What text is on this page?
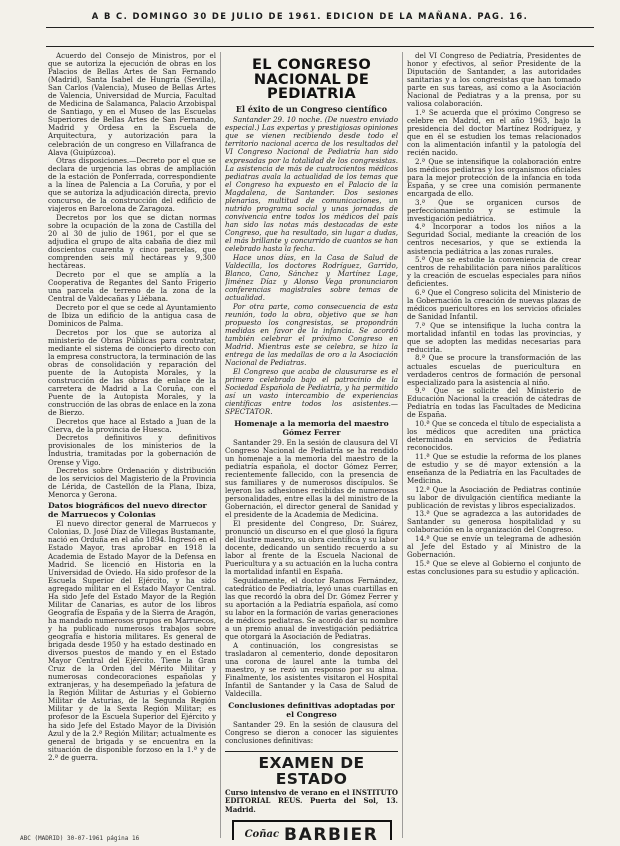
A B C. DOMINGO 30 DE JULIO DE 1961. EDICION DE LA MAÑANA. PAG. 16.

Acuerdo del Consejo de Ministros, por el que se autoriza la ejecución de obras en los Palacios de Bellas Artes de San Fernando (Madrid), Santa Isabel de Hungría (Sevilla), San Carlos (Valencia), Museo de Bellas Artes de Valencia, Universidad de Murcia, Facultad de Medicina de Salamanca, Palacio Arzobispal de Santiago, y en el Museo de las Escuelas Superiores de Bellas Artes de San Fernando, Madrid y Ordesa en la Escuela de Arquitectura, y autorización para la celebración de un congreso en Villafranca de Alava (Guipúzcoa).

Otras disposiciones.—Decreto por el que se declara de urgencia las obras de ampliación de la estación de Ponferrada, correspondiente a la línea de Palencia a La Coruña, y por el que se autoriza la adjudicación directa, previo concurso, de la construcción del edificio de viajeros en Barcelona de Zaragoza.

Decretos por los que se dictan normas sobre la ocupación de la zona de Castilla del 20 al 30 de julio de 1961, por el que se adjudica el grupo de alta cabaña de diez mil doscientos cuarenta y cinco parcelas, que comprenden seis mil hectáreas y 9,300 hectáreas.

Decreto por el que se amplía a la Cooperativa de Regantes del Santo Frigerio una parcela de terreno de la zona de la Central de Valdecañas y Liébana.

Decreto por el que se cede al Ayuntamiento de Ibiza un edificio de la antigua casa de Dominicos de Palma.

Decretos por los que se autoriza al ministerio de Obras Públicas para contratar, mediante el sistema de concierto directo con la empresa constructora, la terminación de las obras de consolidación y reparación del puente de la Autopista Morales, y la construcción de las obras de enlace de la carretera de Madrid a La Coruña, con el Puente de la Autopista Morales, y la construcción de las obras de enlace en la zona de Bierzo.

Decretos que hace al Estado a Juan de la Cierva, de la provincia de Huesca.

Decretos definitivos y definitivos provisionales de los ministerios de la Industria, tramitadas por la gobernación de Orense y Vigo.

Decretos sobre Ordenación y distribución de los servicios del Magisterio de la Provincia de Lérida, de Castellón de la Plana, Ibiza, Menorca y Gerona.

Datos biográficos del nuevo director de Marruecos y Colonias

El nuevo director general de Marruecos y Colonias, D. José Díaz de Villegas Bustamante, nació en Orduña en el año 1894. Ingresó en el Estado Mayor, tras aprobar en 1918 la Academia de Estado Mayor de la Defensa en Madrid. Se licenció en Historia en la Universidad de Oviedo. Ha sido profesor de la Escuela Superior del Ejército, y ha sido agregado militar en el Estado Mayor Central. Ha sido Jefe del Estado Mayor de la Región Militar de Canarias, es autor de los libros Geografía de España y de la Sierra de Aragón, ha mandado numerosos grupos en Marruecos, y ha publicado numerosos trabajos sobre geografía e historia militares. Es general de brigada desde 1950 y ha estado destinado en diversos puestos de mando y en el Estado Mayor Central del Ejército. Tiene la Gran Cruz de la Orden del Mérito Militar y numerosas condecoraciones españolas y extranjeras, y ha desempeñado la jefatura de la Región Militar de Asturias y el Gobierno Militar de Asturias, de la Segunda Región Militar y de la Sexta Región Militar; es profesor de la Escuela Superior del Ejército y ha sido Jefe del Estado Mayor de la División Azul y de la 2.ª Región Militar; actualmente es general de brigada y se encuentra en la situación de disponible forzoso en la 1.ª y de 2.ª de guerra.

EL CONGRESO NACIONAL DE PEDIATRIA
El éxito de un Congreso científico

Santander 29. 10 noche. (De nuestro enviado especial.) Las expertas y prestigiosas opiniones que se vienen recibiendo desde todo el territorio nacional acerca de los resultados del VI Congreso Nacional de Pediatría han sido expresadas por la totalidad de los congresistas. La asistencia de más de cuatrocientos médicos pediatras avala la actualidad de los temas que el Congreso ha expuesto en el Palacio de la Magdalena, de Santander. Dos sesiones plenarias, multitud de comunicaciones, un nutrido programa social y unas jornadas de convivencia entre todos los médicos del país han sido las notas más destacadas de este Congreso, que ha resultado, sin lugar a dudas, el más brillante y concurrido de cuantos se han celebrado hasta la fecha.

Hace unos días, en la Casa de Salud de Valdecilla, los doctores Rodríguez, Garrido, Blanco, Cano, Sánchez y Martínez Lage, Jiménez Díaz y Alonso Vega pronunciaron conferencias magistrales sobre temas de actualidad.

Por otra parte, como consecuencia de esta reunión, todo la obra, objetivo que se han propuesto los congresistas, se propondrán medidas en favor de la infancia. Se acordó también celebrar el próximo Congreso en Madrid. Mientras este se celebra, se hizo la entrega de las medallas de oro a la Asociación Nacional de Pediatras.

El Congreso que acaba de clausurarse es el primero celebrado bajo el patrocinio de la Sociedad Española de Pediatría, y ha permitido así un vasto intercambio de experiencias científicas entre todos los asistentes.—SPECTATOR.

Homenaje a la memoria del maestro Gómez Ferrer

Santander 29. En la sesión de clausura del VI Congreso Nacional de Pediatría se ha rendido un homenaje a la memoria del maestro de la pediatría española, el doctor Gómez Ferrer, recientemente fallecido, con la presencia de sus familiares y de numerosos discípulos. Se leyeron las adhesiones recibidas de numerosas personalidades, entre ellas la del ministro de la Gobernación, el director general de Sanidad y el presidente de la Academia de Medicina.

El presidente del Congreso, Dr. Suárez, pronunció un discurso en el que glosó la figura del ilustre maestro, su obra científica y su labor docente, dedicando un sentido recuerdo a su labor al frente de la Escuela Nacional de Puericultura y a su actuación en la lucha contra la mortalidad infantil en España.

Seguidamente, el doctor Ramos Fernández, catedrático de Pediatría, leyó unas cuartillas en las que recordó la obra del Dr. Gómez Ferrer y su aportación a la Pediatría española, así como su labor en la formación de varias generaciones de médicos pediatras. Se acordó dar su nombre a un premio anual de investigación pediátrica que otorgará la Asociación de Pediatras.

A continuación, los congresistas se trasladaron al cementerio, donde depositaron una corona de laurel ante la tumba del maestro, y se rezó un responso por su alma. Finalmente, los asistentes visitaron el Hospital Infantil de Santander y la Casa de Salud de Valdecilla.

Conclusiones definitivas adoptadas por el Congreso

Santander 29. En la sesión de clausura del Congreso se dieron a conocer las siguientes conclusiones definitivas:

EXAMEN DE ESTADO
Curso intensivo de verano en el INSTITUTO EDITORIAL REUS. Puerta del Sol, 13. Madrid.
Coñac BARBIER

del VI Congreso de Pediatría, Presidentes de honor y efectivos, al señor Presidente de la Diputación de Santander, a las autoridades sanitarias y a los congresistas que han tomado parte en sus tareas, así como a la Asociación Nacional de Pediatras y a la prensa, por su valiosa colaboración.

1.ª Se acuerda que el próximo Congreso se celebre en Madrid, en el año 1963, bajo la presidencia del doctor Martínez Rodríguez, y que en él se estudien los temas relacionados con la alimentación infantil y la patología del recién nacido.

2.ª Que se intensifique la colaboración entre los médicos pediatras y los organismos oficiales para la mejor protección de la infancia en toda España, y se cree una comisión permanente encargada de ello.

3.ª Que se organicen cursos de perfeccionamiento y se estimule la investigación pediátrica.

4.ª Incorporar a todos los niños a la Seguridad Social, mediante la creación de los centros necesarios, y que se extienda la asistencia pediátrica a las zonas rurales.

5.ª Que se estudie la conveniencia de crear centros de rehabilitación para niños paralíticos y la creación de escuelas especiales para niños deficientes.

6.ª Que el Congreso solicita del Ministerio de la Gobernación la creación de nuevas plazas de médicos puericultores en los servicios oficiales de Sanidad Infantil.

7.ª Que se intensifique la lucha contra la mortalidad infantil en todas las provincias, y que se adopten las medidas necesarias para reducirla.

8.ª Que se procure la transformación de las actuales escuelas de puericultura en verdaderos centros de formación de personal especializado para la asistencia al niño.

9.ª Que se solicite del Ministerio de Educación Nacional la creación de cátedras de Pediatría en todas las Facultades de Medicina de España.

10.ª Que se conceda el título de especialista a los médicos que acrediten una práctica determinada en servicios de Pediatría reconocidos.

11.ª Que se estudie la reforma de los planes de estudio y se dé mayor extensión a la enseñanza de la Pediatría en las Facultades de Medicina.

12.ª Que la Asociación de Pediatras continúe su labor de divulgación científica mediante la publicación de revistas y libros especializados.

13.ª Que se agradezca a las autoridades de Santander su generosa hospitalidad y su colaboración en la organización del Congreso.

14.ª Que se envíe un telegrama de adhesión al Jefe del Estado y al Ministro de la Gobernación.

15.ª Que se eleve al Gobierno el conjunto de estas conclusiones para su estudio y aplicación.

ABC (MADRID) 30-07-1961 página 16
